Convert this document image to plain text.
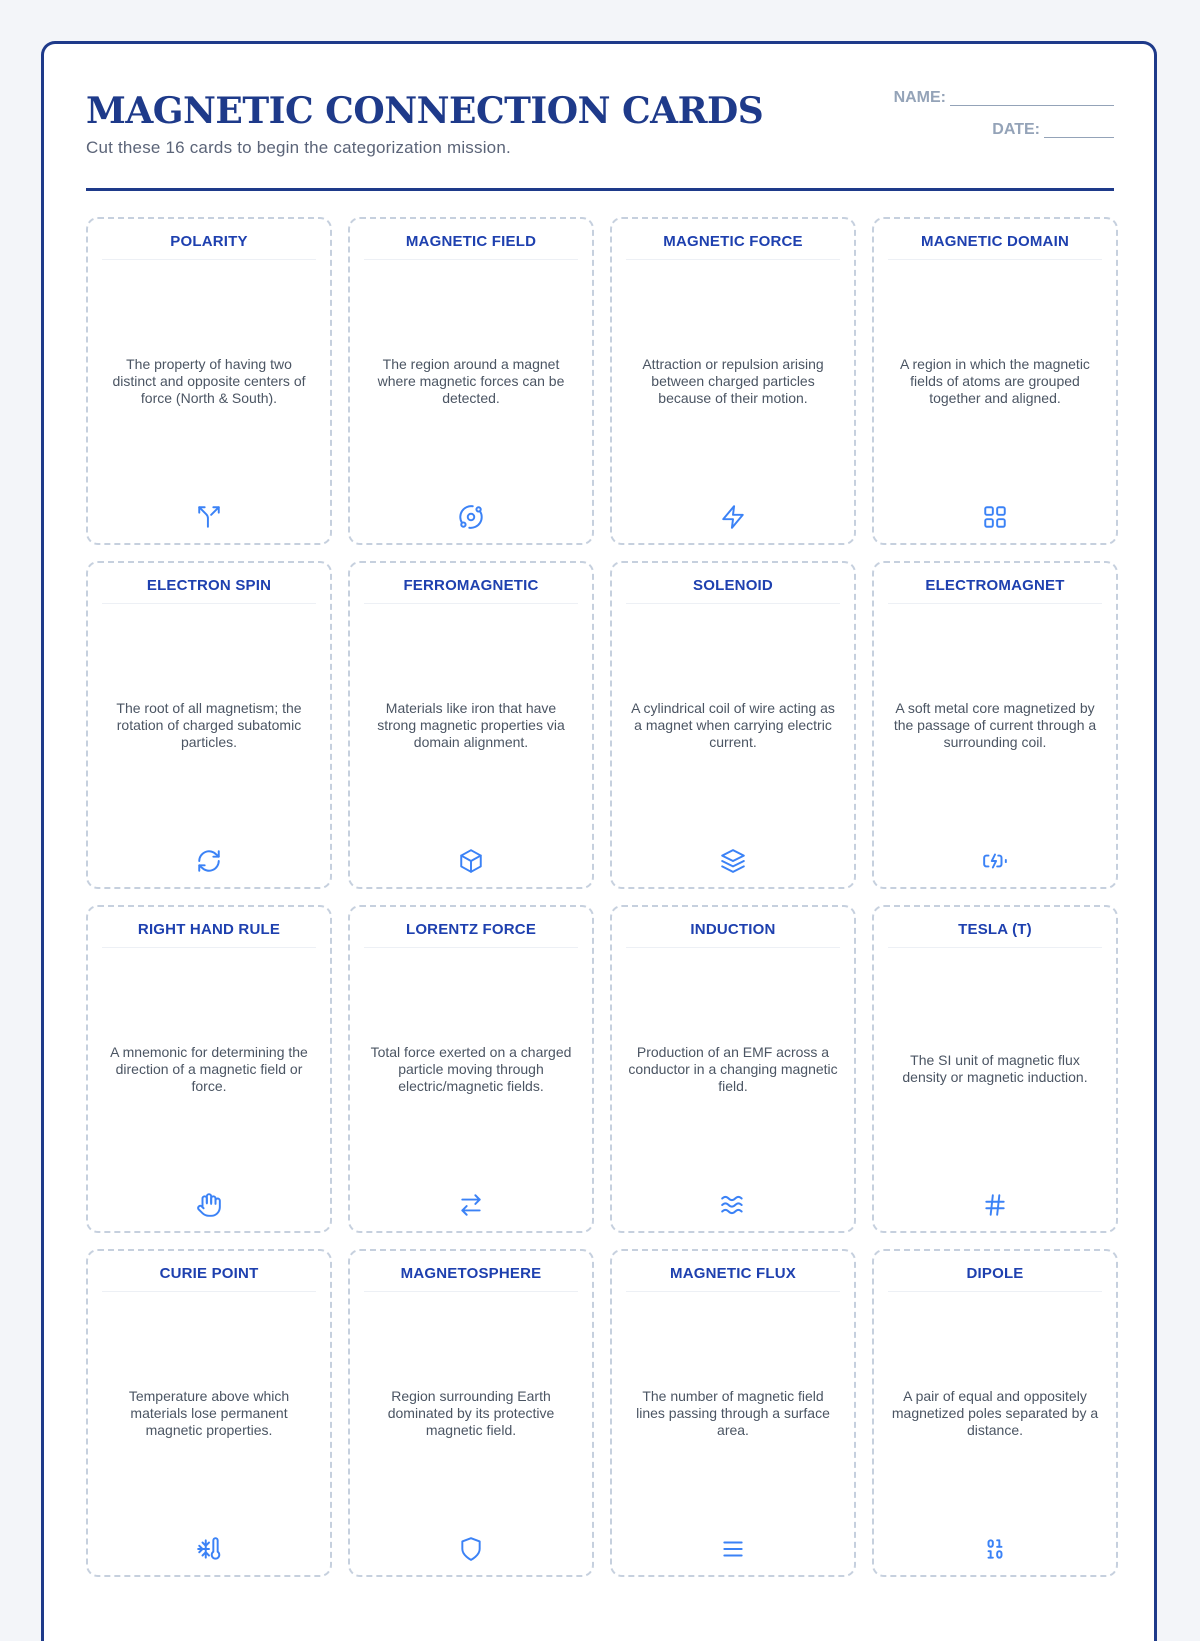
MAGNETIC CONNECTION CARDS
Cut these 16 cards to begin the categorization mission.
NAME:
DATE:
POLARITY
The property of having two distinct and opposite centers of force (North & South).
MAGNETIC FIELD
The region around a magnet where magnetic forces can be detected.
MAGNETIC FORCE
Attraction or repulsion arising between charged particles because of their motion.
MAGNETIC DOMAIN
A region in which the magnetic fields of atoms are grouped together and aligned.
ELECTRON SPIN
The root of all magnetism; the rotation of charged subatomic particles.
FERROMAGNETIC
Materials like iron that have strong magnetic properties via domain alignment.
SOLENOID
A cylindrical coil of wire acting as a magnet when carrying electric current.
ELECTROMAGNET
A soft metal core magnetized by the passage of current through a surrounding coil.
RIGHT HAND RULE
A mnemonic for determining the direction of a magnetic field or force.
LORENTZ FORCE
Total force exerted on a charged particle moving through electric/magnetic fields.
INDUCTION
Production of an EMF across a conductor in a changing magnetic field.
TESLA (T)
The SI unit of magnetic flux density or magnetic induction.
CURIE POINT
Temperature above which materials lose permanent magnetic properties.
MAGNETOSPHERE
Region surrounding Earth dominated by its protective magnetic field.
MAGNETIC FLUX
The number of magnetic field lines passing through a surface area.
DIPOLE
A pair of equal and oppositely magnetized poles separated by a distance.
